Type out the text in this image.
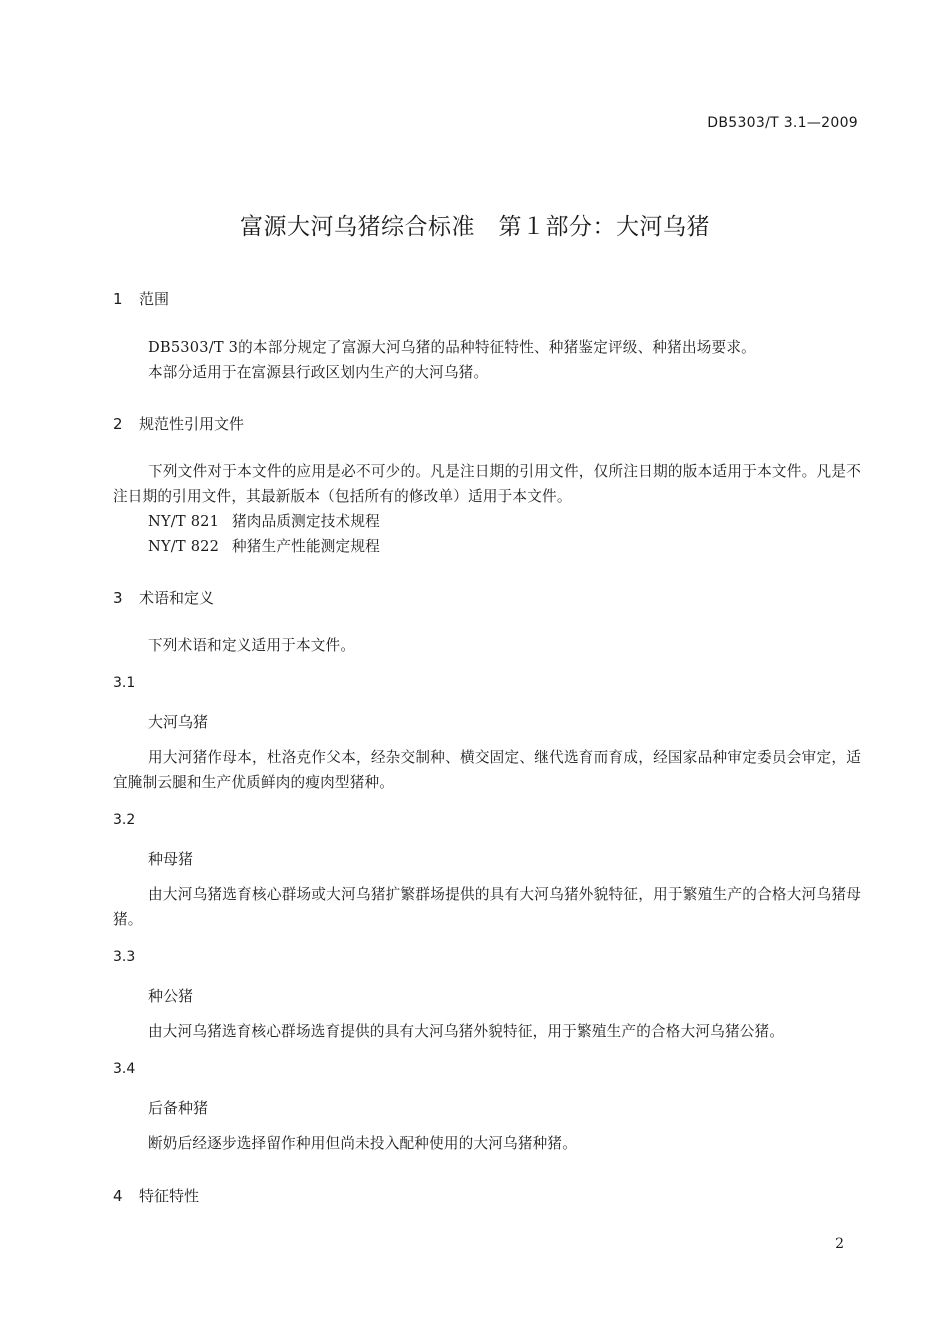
DB5303/T 3.1—2009
富源大河乌猪综合标准　第１部分：大河乌猪
1 范围
DB5303/T 3的本部分规定了富源大河乌猪的品种特征特性、种猪鉴定评级、种猪出场要求。
本部分适用于在富源县行政区划内生产的大河乌猪。
2 规范性引用文件

下列文件对于本文件的应用是必不可少的。凡是注日期的引用文件，仅所注日期的版本适用于本文件。凡是不注日期的引用文件，其最新版本（包括所有的修改单）适用于本文件。

NY/T 821 猪肉品质测定技术规程
NY/T 822 种猪生产性能测定规程
3 术语和定义
下列术语和定义适用于本文件。
3.1
大河乌猪

用大河猪作母本，杜洛克作父本，经杂交制种、横交固定、继代选育而育成，经国家品种审定委员会审定，适宜腌制云腿和生产优质鲜肉的瘦肉型猪种。

3.2
种母猪

由大河乌猪选育核心群场或大河乌猪扩繁群场提供的具有大河乌猪外貌特征，用于繁殖生产的合格大河乌猪母猪。

3.3
种公猪

由大河乌猪选育核心群场选育提供的具有大河乌猪外貌特征，用于繁殖生产的合格大河乌猪公猪。

3.4
后备种猪

断奶后经逐步选择留作种用但尚未投入配种使用的大河乌猪种猪。

4 特征特性
2
